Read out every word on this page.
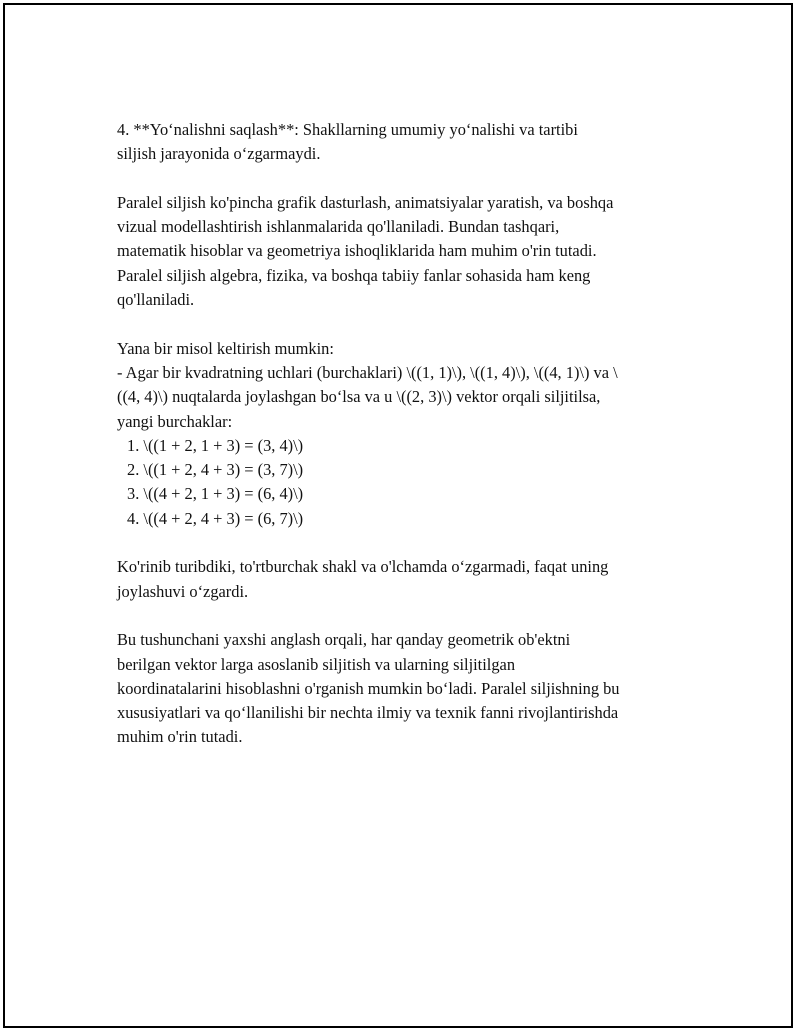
4. **Yo‘nalishni saqlash**: Shakllarning umumiy yo‘nalishi va tartibi
siljish jarayonida o‘zgarmaydi.

Paralel siljish ko'pincha grafik dasturlash, animatsiyalar yaratish, va boshqa
vizual modellashtirish ishlanmalarida qo'llaniladi. Bundan tashqari,
matematik hisoblar va geometriya ishoqliklarida ham muhim o'rin tutadi.
Paralel siljish algebra, fizika, va boshqa tabiiy fanlar sohasida ham keng
qo'llaniladi.

Yana bir misol keltirish mumkin:
- Agar bir kvadratning uchlari (burchaklari) \((1, 1)\), \((1, 4)\), \((4, 1)\) va \
((4, 4)\) nuqtalarda joylashgan bo‘lsa va u \((2, 3)\) vektor orqali siljitilsa,
yangi burchaklar:
1. \((1 + 2, 1 + 3) = (3, 4)\)
2. \((1 + 2, 4 + 3) = (3, 7)\)
3. \((4 + 2, 1 + 3) = (6, 4)\)
4. \((4 + 2, 4 + 3) = (6, 7)\)

Ko'rinib turibdiki, to'rtburchak shakl va o'lchamda o‘zgarmadi, faqat uning
joylashuvi o‘zgardi.

Bu tushunchani yaxshi anglash orqali, har qanday geometrik ob'ektni
berilgan vektor larga asoslanib siljitish va ularning siljitilgan
koordinatalarini hisoblashni o'rganish mumkin bo‘ladi. Paralel siljishning bu
xususiyatlari va qo‘llanilishi bir nechta ilmiy va texnik fanni rivojlantirishda
muhim o'rin tutadi.
